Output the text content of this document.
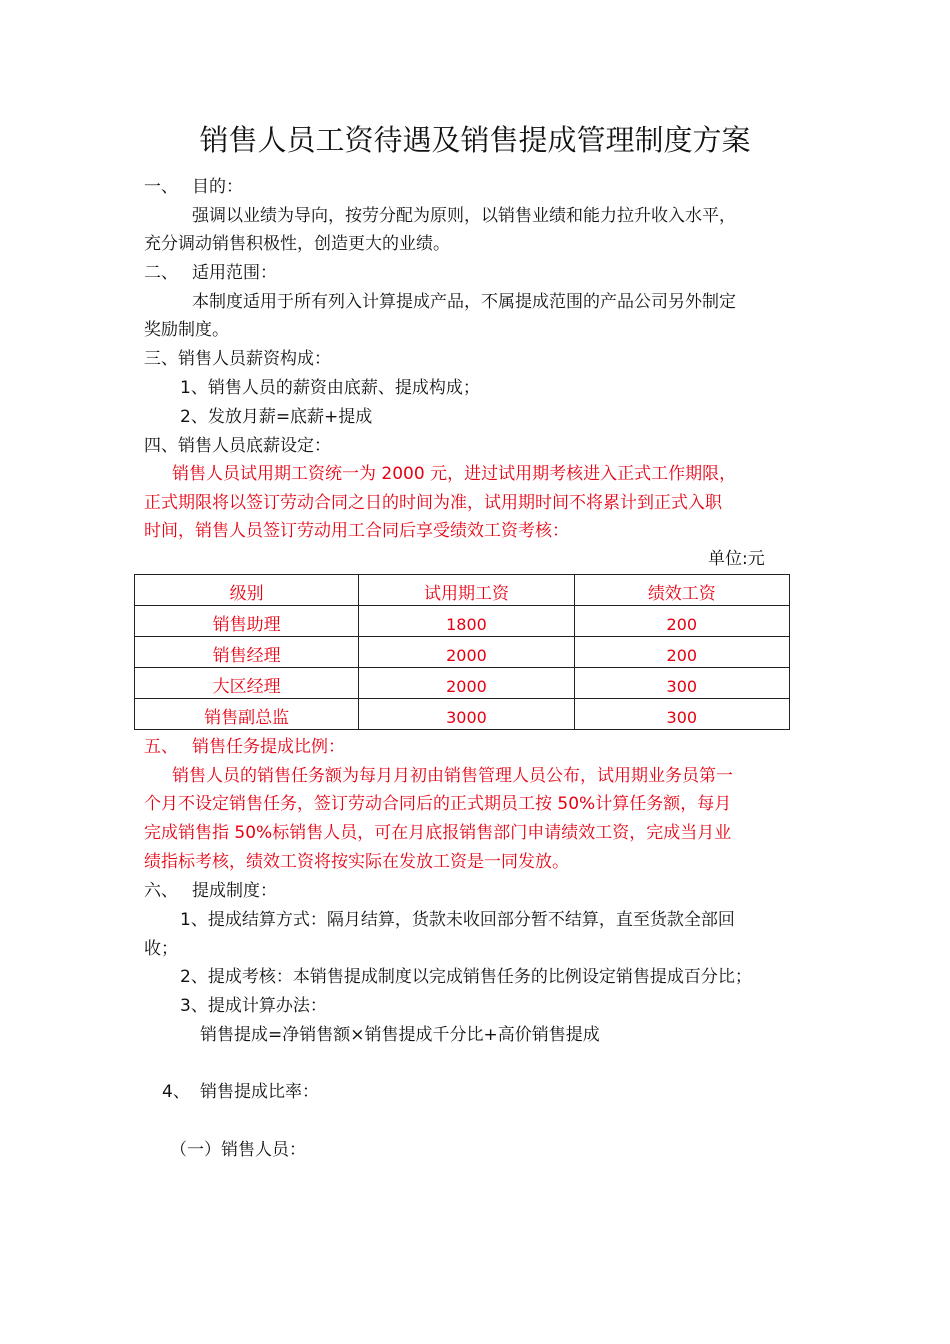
销售人员工资待遇及销售提成管理制度方案
一、 目的：
强调以业绩为导向，按劳分配为原则，以销售业绩和能力拉升收入水平，
充分调动销售积极性，创造更大的业绩。
二、 适用范围：
本制度适用于所有列入计算提成产品，不属提成范围的产品公司另外制定
奖励制度。
三、销售人员薪资构成：
1、销售人员的薪资由底薪、提成构成；
2、发放月薪=底薪+提成
四、销售人员底薪设定：
销售人员试用期工资统一为 2000 元，进过试用期考核进入正式工作期限，
正式期限将以签订劳动合同之日的时间为准，试用期时间不将累计到正式入职
时间，销售人员签订劳动用工合同后享受绩效工资考核：
单位:元
级别	试用期工资	绩效工资
销售助理	1800	200
销售经理	2000	200
大区经理	2000	300
销售副总监	3000	300
五、 销售任务提成比例：
销售人员的销售任务额为每月月初由销售管理人员公布，试用期业务员第一
个月不设定销售任务，签订劳动合同后的正式期员工按 50%计算任务额，每月
完成销售指 50%标销售人员，可在月底报销售部门申请绩效工资，完成当月业
绩指标考核，绩效工资将按实际在发放工资是一同发放。
六、 提成制度：
1、提成结算方式：隔月结算，货款未收回部分暂不结算，直至货款全部回
收；
2、提成考核：本销售提成制度以完成销售任务的比例设定销售提成百分比；
3、提成计算办法：
销售提成=净销售额×销售提成千分比+高价销售提成
4、 销售提成比率：
（一）销售人员：
